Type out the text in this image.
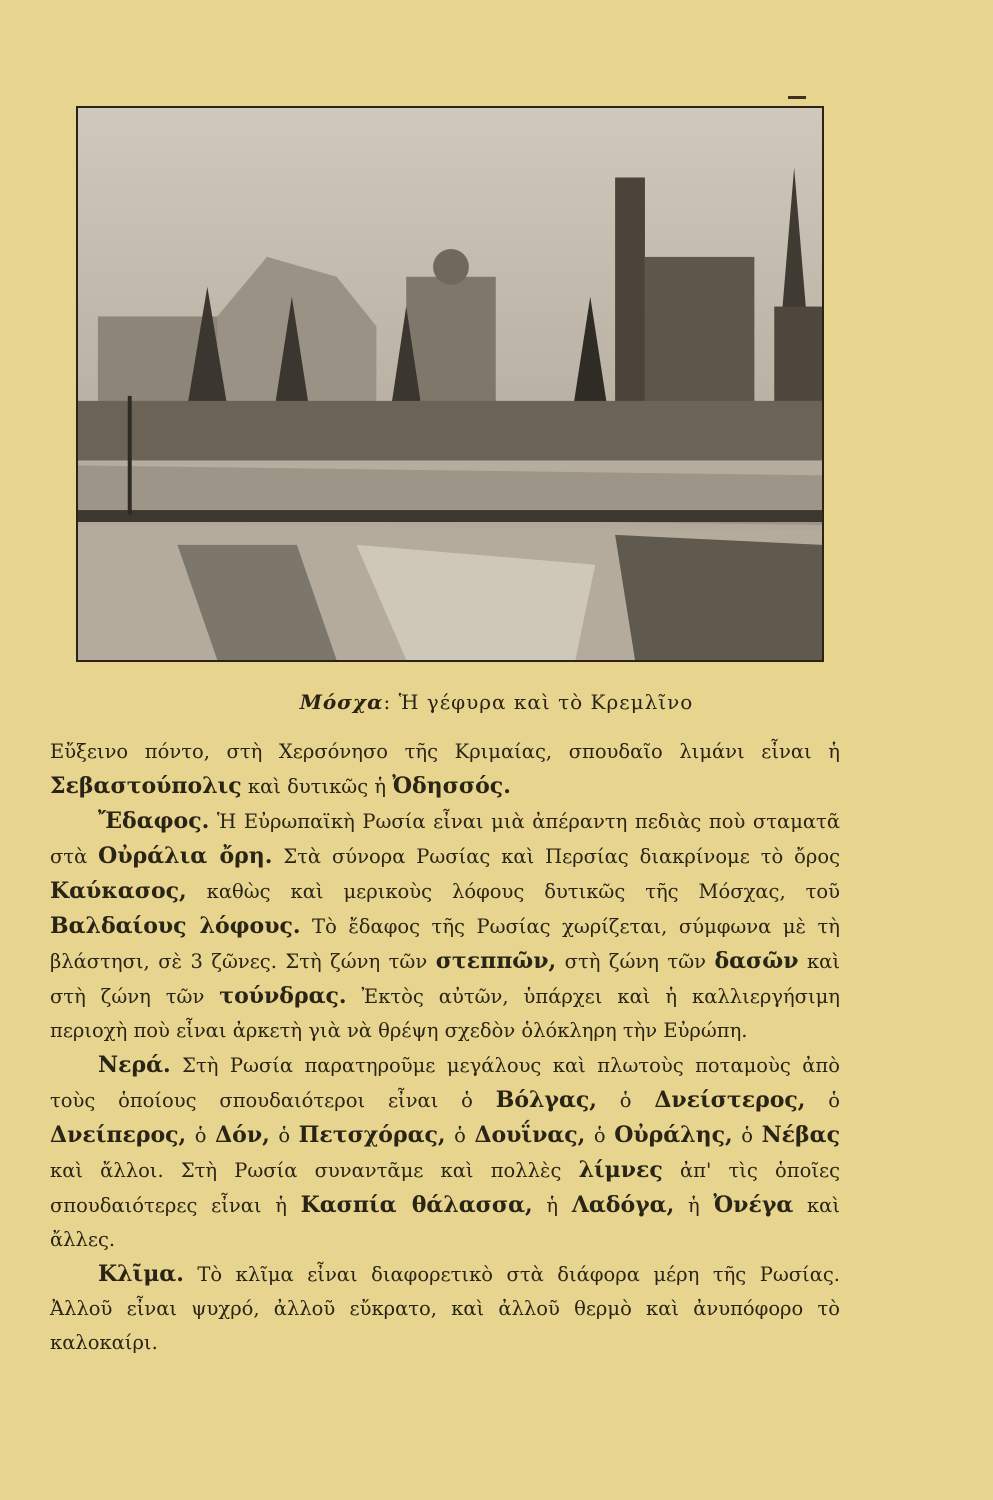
Μόσχα: Ἡ γέφυρα καὶ τὸ Κρεμλῖνο

Εὔξεινο πόντο, στὴ Χερσόνησο τῆς Κριμαίας, σπουδαῖο λιμάνι εἶναι ἡ Σεβαστούπολις καὶ δυτικῶς ἡ Ὀδησσός.

Ἔδαφος. Ἡ Εὐρωπαϊκὴ Ρωσία εἶναι μιὰ ἀπέραντη πεδιὰς ποὺ σταματᾶ στὰ Οὐράλια ὄρη. Στὰ σύνορα Ρωσίας καὶ Περσίας διακρίνομε τὸ ὄρος Καύκασος, καθὼς καὶ μερικοὺς λόφους δυτικῶς τῆς Μόσχας, τοῦ Βαλδαίους λόφους. Τὸ ἔδαφος τῆς Ρωσίας χωρίζεται, σύμφωνα μὲ τὴ βλάστησι, σὲ 3 ζῶνες. Στὴ ζώνη τῶν στεππῶν, στὴ ζώνη τῶν δασῶν καὶ στὴ ζώνη τῶν τούνδρας. Ἐκτὸς αὐτῶν, ὑπάρχει καὶ ἡ καλλιεργήσιμη περιοχὴ ποὺ εἶναι ἀρκετὴ γιὰ νὰ θρέψη σχεδὸν ὁλόκληρη τὴν Εὐρώπη.

Νερά. Στὴ Ρωσία παρατηροῦμε μεγάλους καὶ πλωτοὺς ποταμοὺς ἀπὸ τοὺς ὁποίους σπουδαιότεροι εἶναι ὁ Βόλγας, ὁ Δνείστερος, ὁ Δνείπερος, ὁ Δόν, ὁ Πετσχόρας, ὁ Δουΐνας, ὁ Οὐράλης, ὁ Νέβας καὶ ἄλλοι. Στὴ Ρωσία συναντᾶμε καὶ πολλὲς λίμνες ἀπ' τὶς ὁποῖες σπουδαιότερες εἶναι ἡ Κασπία θάλασσα, ἡ Λαδόγα, ἡ Ὀνέγα καὶ ἄλλες.

Κλῖμα. Τὸ κλῖμα εἶναι διαφορετικὸ στὰ διάφορα μέρη τῆς Ρωσίας. Ἀλλοῦ εἶναι ψυχρό, ἀλλοῦ εὔκρατο, καὶ ἀλλοῦ θερμὸ καὶ ἀνυπόφορο τὸ καλοκαίρι.
